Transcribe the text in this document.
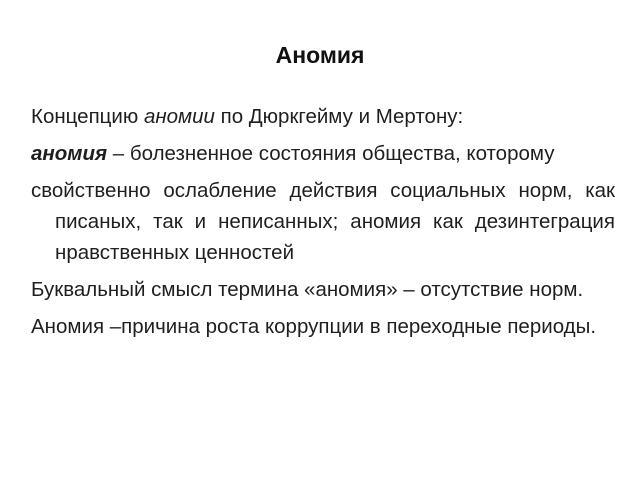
Аномия

Концепцию аномии по Дюркгейму и Мертону:

аномия – болезненное состояния общества, которому

свойственно ослабление действия социальных норм, как писаных, так и неписанных; аномия как дезинтеграция нравственных ценностей

Буквальный смысл термина «аномия» – отсутствие норм.

Аномия –причина роста коррупции в переходные периоды.
